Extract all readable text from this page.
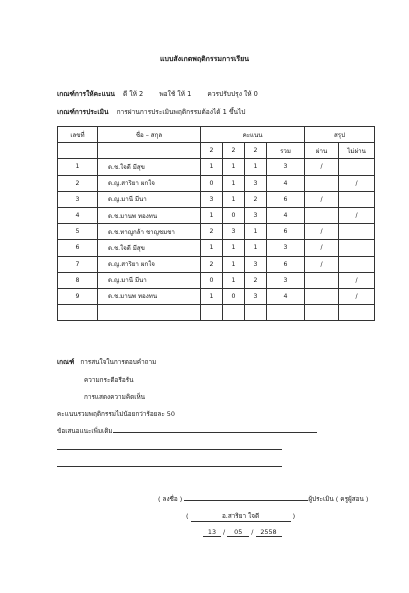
แบบสังเกตพฤติกรรมการเรียน
เกณฑ์การให้คะแนน ดี ให้ 2 พอใช้ ให้ 1 ควรปรับปรุง ให้ 0
เกณฑ์การประเมิน การผ่านการประเมินพฤติกรรมต้องได้ 1 ขึ้นไป
เลขที่	ชื่อ – สกุล	คะแนน				สรุป	
		2	2	2	รวม	ผ่าน	ไม่ผ่าน
1	ด.ช.ใจดี มีสุข	1	1	1	3	/	
2	ด.ญ.สาริยา ผกใจ	0	1	3	4		/
3	ด.ญ.มานี มีนา	3	1	2	6	/	
4	ด.ช.มานพ ทองทน	1	0	3	4		/
5	ด.ช.ทาญูกล้า ชาญชมชา	2	3	1	6	/	
6	ด.ช.ใจดี มีสุข	1	1	1	3	/	
7	ด.ญ.สาริยา ผกใจ	2	1	3	6	/	
8	ด.ญ.มานี มีนา	0	1	2	3		/
9	ด.ช.มานพ ทองทน	1	0	3	4		/

เกณฑ์ การสนใจในการตอบคำถาม
ความกระตือรือร้น
การแสดงความคิดเห็น
คะแนนรวมพฤติกรรมไม่น้อยกว่าร้อยละ 50
ข้อเสนอแนะเพิ่มเติม
( ลงชื่อ )	ผู้ประเมิน ( ครูผู้สอน )
(	อ.สาริยา ใจดี	)
13 / 05 / 2558
